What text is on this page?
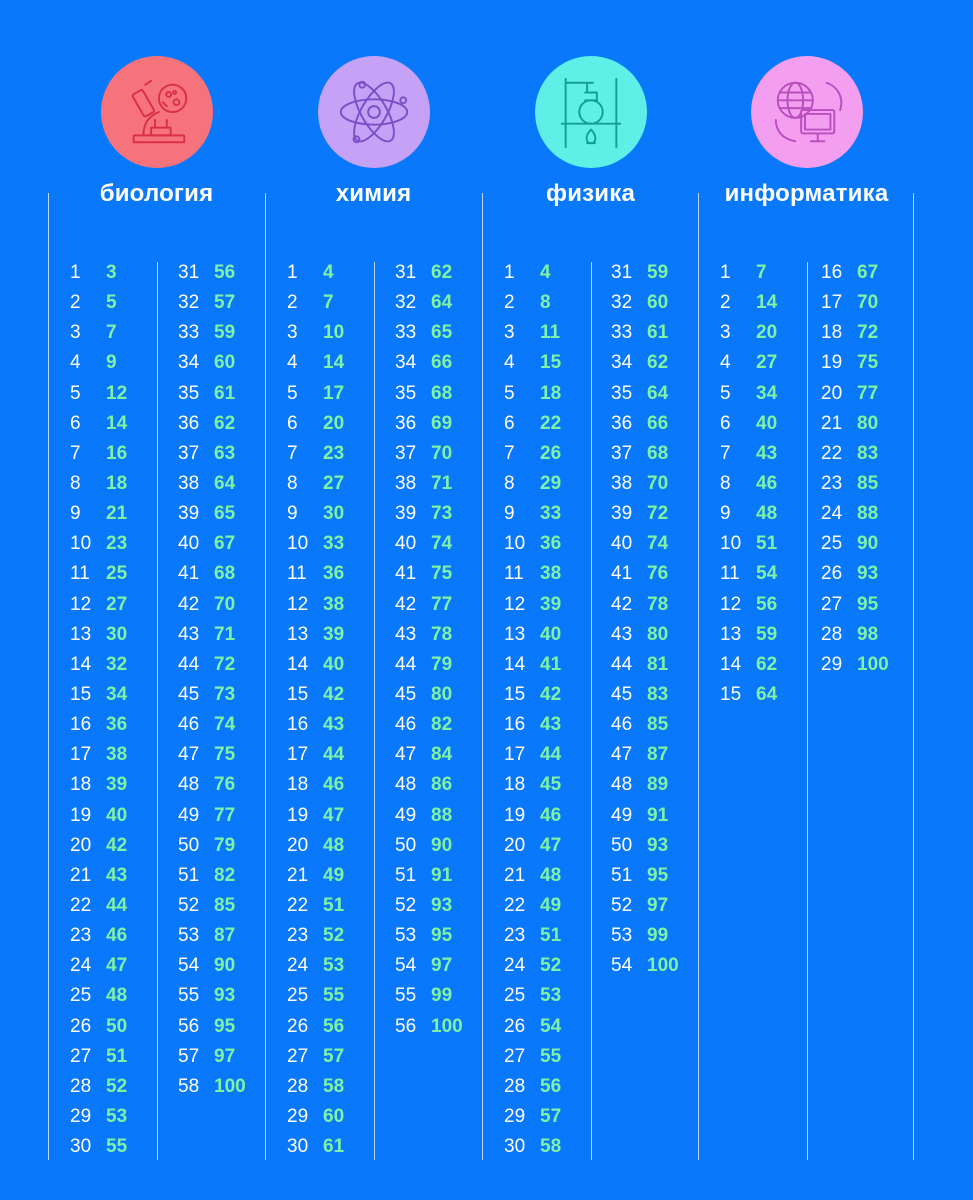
биология
1	3
2	5
3	7
4	9
5	12
6	14
7	16
8	18
9	21
10 23
11 25
12 27
13 30
14 32
15 34
16 36
17 38
18 39
19 40
20 42
21 43
22 44
23 46
24 47
25 48
26 50
27 51
28 52
29 53
30 55
31 56
32 57
33 59
34 60
35 61
36 62
37 63
38 64
39 65
40 67
41 68
42 70
43 71
44 72
45 73
46 74
47 75
48 76
49 77
50 79
51 82
52 85
53 87
54 90
55 93
56 95
57 97
58 100
химия
1	4
2	7
3	10
4	14
5	17
6	20
7	23
8	27
9	30
10 33
11 36
12 38
13 39
14 40
15 42
16 43
17 44
18 46
19 47
20 48
21 49
22 51
23 52
24 53
25 55
26 56
27 57
28 58
29 60
30 61
31 62
32 64
33 65
34 66
35 68
36 69
37 70
38 71
39 73
40 74
41 75
42 77
43 78
44 79
45 80
46 82
47 84
48 86
49 88
50 90
51 91
52 93
53 95
54 97
55 99
56 100
физика
1	4
2	8
3	11
4	15
5	18
6	22
7	26
8	29
9	33
10 36
11 38
12 39
13 40
14 41
15 42
16 43
17 44
18 45
19 46
20 47
21 48
22 49
23 51
24 52
25 53
26 54
27 55
28 56
29 57
30 58
31 59
32 60
33 61
34 62
35 64
36 66
37 68
38 70
39 72
40 74
41 76
42 78
43 80
44 81
45 83
46 85
47 87
48 89
49 91
50 93
51 95
52 97
53 99
54 100
информатика
1	7
2	14
3	20
4	27
5	34
6	40
7	43
8	46
9	48
10 51
11 54
12 56
13 59
14 62
15 64
16 67
17 70
18 72
19 75
20 77
21 80
22 83
23 85
24 88
25 90
26 93
27 95
28 98
29 100
